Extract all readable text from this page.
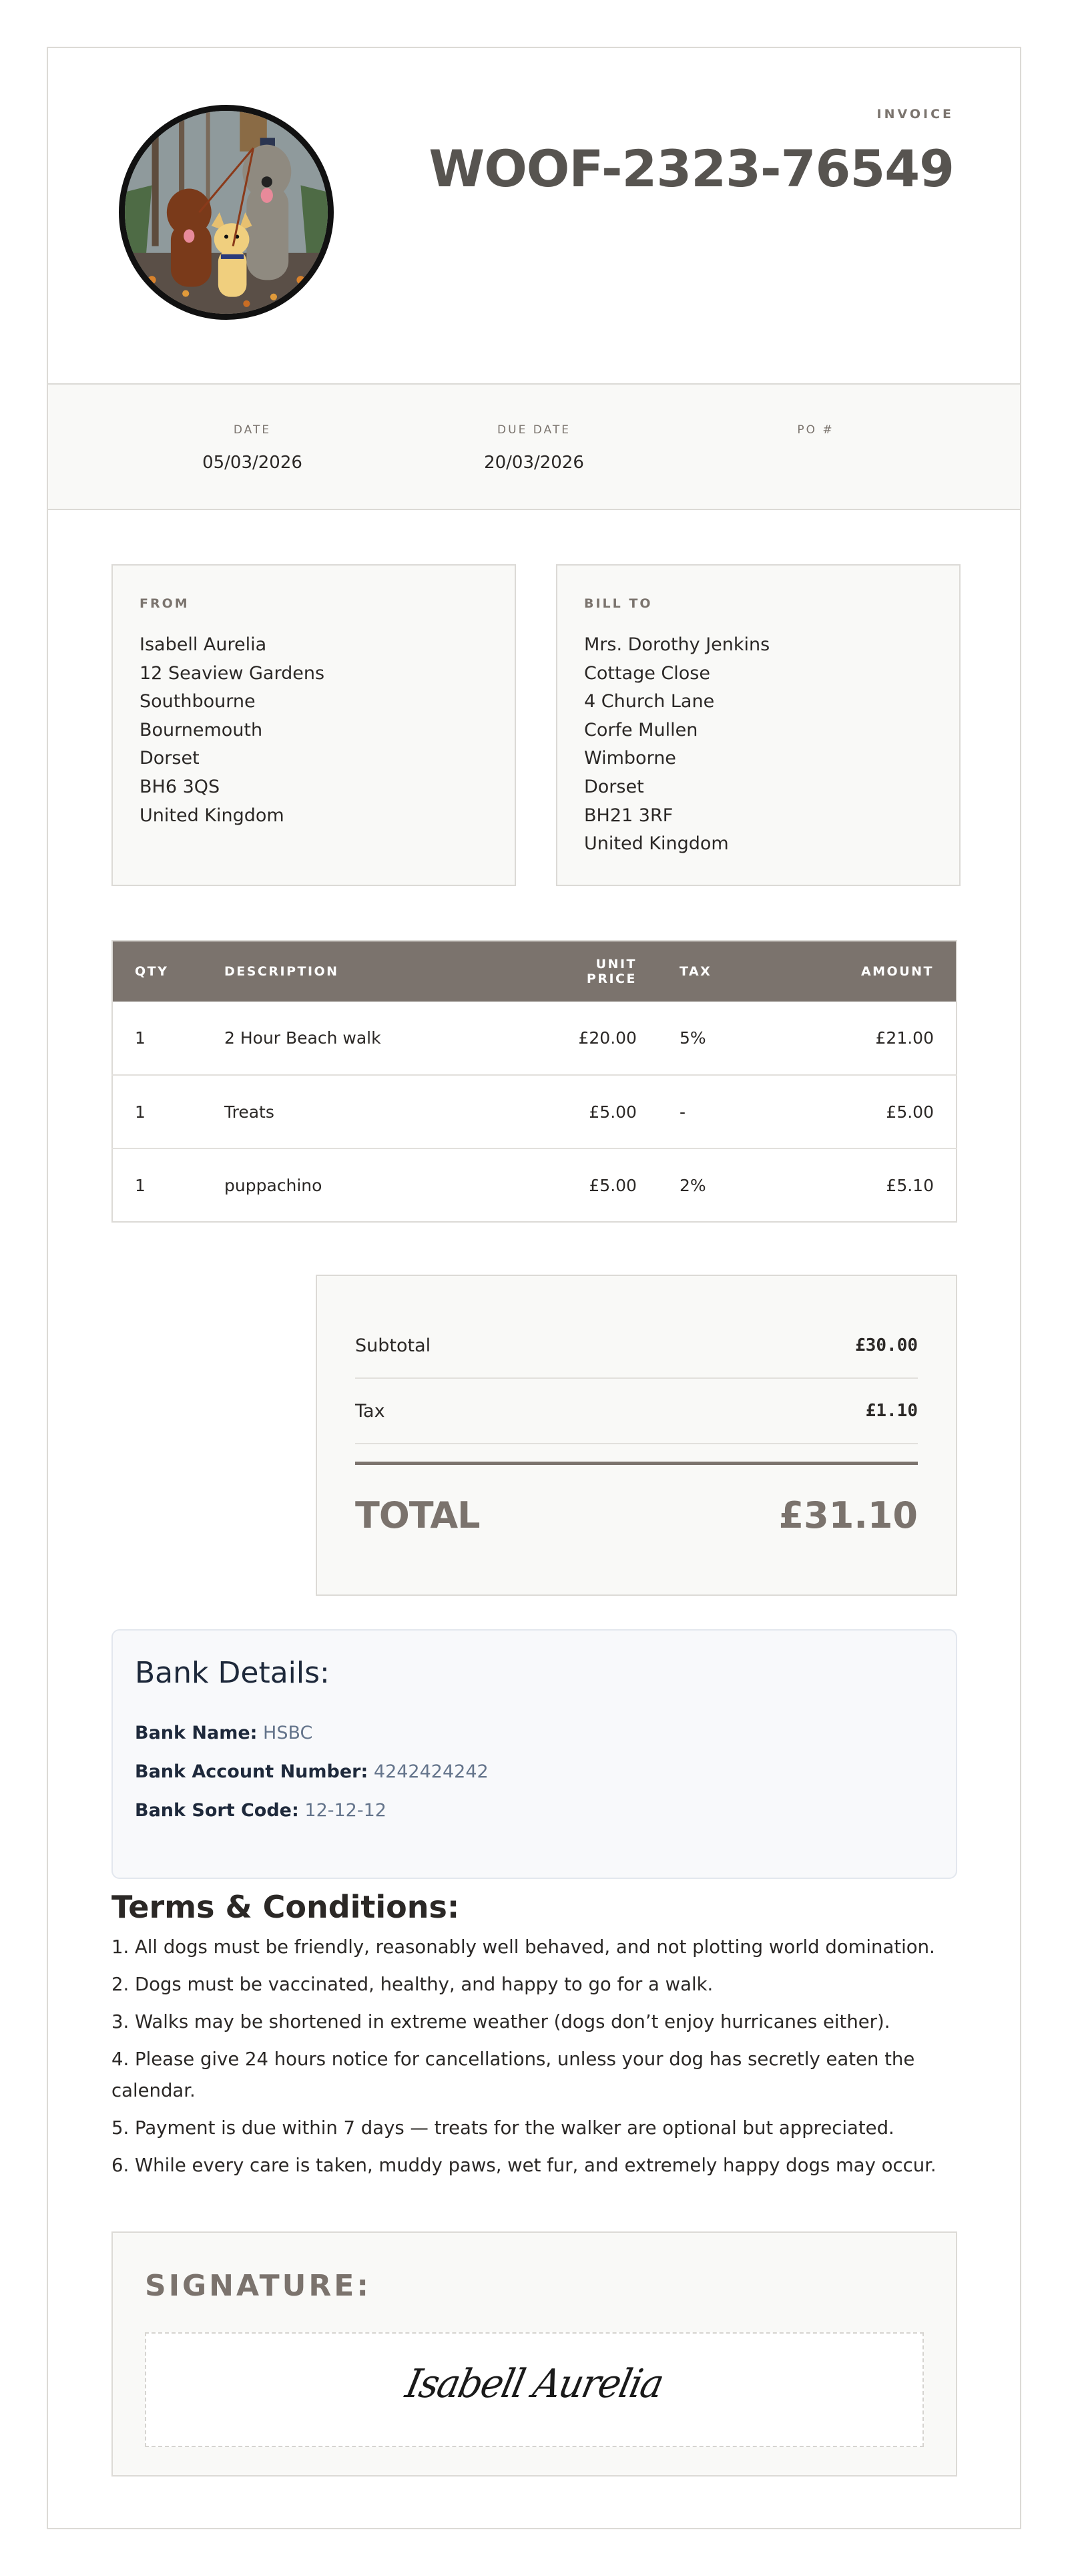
INVOICE
WOOF-2323-76549
DATE
05/03/2026
DUE DATE
20/03/2026
PO #
FROM
Isabell Aurelia
12 Seaview Gardens
Southbourne
Bournemouth
Dorset
BH6 3QS
United Kingdom
BILL TO
Mrs. Dorothy Jenkins
Cottage Close
4 Church Lane
Corfe Mullen
Wimborne
Dorset
BH21 3RF
United Kingdom
QTY	DESCRIPTION	UNIT PRICE	TAX	AMOUNT
1	2 Hour Beach walk	£20.00	5%	£21.00
1	Treats	£5.00	-	£5.00
1	puppachino	£5.00	2%	£5.10
Subtotal	£30.00
Tax	£1.10
TOTAL	£31.10
Bank Details:
Bank Name: HSBC
Bank Account Number: 4242424242
Bank Sort Code: 12-12-12
Terms & Conditions:
1. All dogs must be friendly, reasonably well behaved, and not plotting world domination.
2. Dogs must be vaccinated, healthy, and happy to go for a walk.
3. Walks may be shortened in extreme weather (dogs don’t enjoy hurricanes either).
4. Please give 24 hours notice for cancellations, unless your dog has secretly eaten the calendar.
5. Payment is due within 7 days — treats for the walker are optional but appreciated.
6. While every care is taken, muddy paws, wet fur, and extremely happy dogs may occur.
SIGNATURE:
Isabell Aurelia
